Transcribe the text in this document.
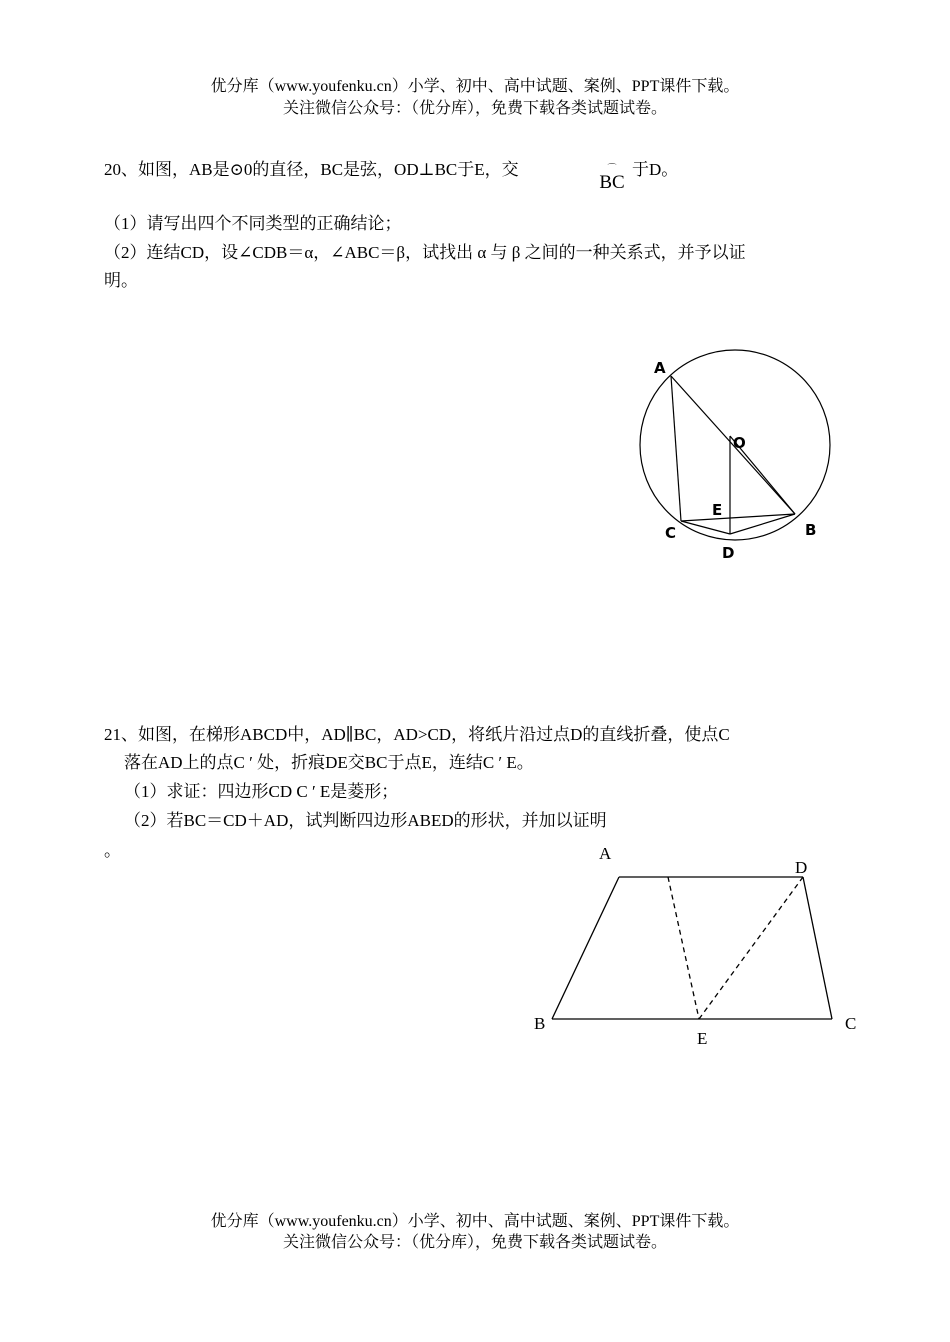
优分库（www.youfenku.cn）小学、初中、高中试题、案例、PPT课件下载。
关注微信公众号：（优分库），免费下载各类试题试卷。
20、如图，AB是⊙0的直径，BC是弦，OD⊥BC于E，交	⌒
BC
于D。
（1）请写出四个不同类型的正确结论；
（2）连结CD，设∠CDB＝α，∠ABC＝β，试找出 α 与 β 之间的一种关系式，并予以证
明。
A
O
E
C
D
B
21、如图，在梯形ABCD中，AD∥BC，AD>CD，将纸片沿过点D的直线折叠，使点C
落在AD上的点C ′ 处，折痕DE交BC于点E，连结C ′ E。
（1）求证：四边形CD C ′ E是菱形；
（2）若BC＝CD＋AD，试判断四边形ABED的形状，并加以证明
。	A
D
B
E
C
优分库（www.youfenku.cn）小学、初中、高中试题、案例、PPT课件下载。
关注微信公众号：（优分库），免费下载各类试题试卷。
